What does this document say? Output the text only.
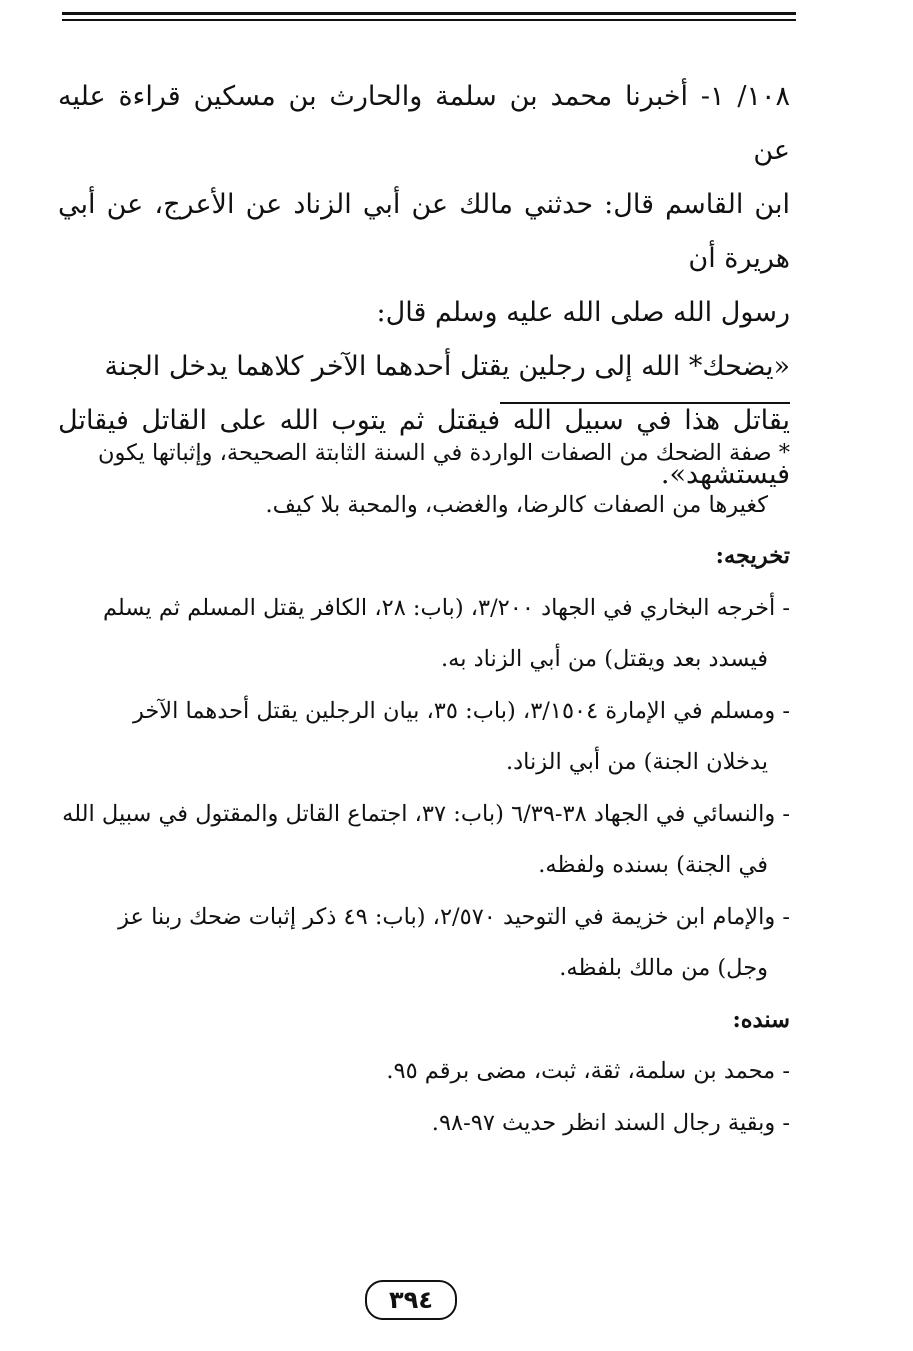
١٠٨/ ١- أخبرنا محمد بن سلمة والحارث بن مسكين قراءة عليه عن

ابن القاسم قال: حدثني مالك عن أبي الزناد عن الأعرج، عن أبي هريرة أن

رسول الله صلى الله عليه وسلم قال:

«يضحك* الله إلى رجلين يقتل أحدهما الآخر كلاهما يدخل الجنة

يقاتل هذا في سبيل الله فيقتل ثم يتوب الله على القاتل فيقاتل فيستشهد».

* صفة الضحك من الصفات الواردة في السنة الثابتة الصحيحة، وإثباتها يكون

كغيرها من الصفات كالرضا، والغضب، والمحبة بلا كيف.

تخريجه:

- أخرجه البخاري في الجهاد ٣/٢٠٠، (باب: ٢٨، الكافر يقتل المسلم ثم يسلم

فيسدد بعد ويقتل) من أبي الزناد به.

- ومسلم في الإمارة ٣/١٥٠٤، (باب: ٣٥، بيان الرجلين يقتل أحدهما الآخر

يدخلان الجنة) من أبي الزناد.

- والنسائي في الجهاد ٣٨-٦/٣٩ (باب: ٣٧، اجتماع القاتل والمقتول في سبيل الله

في الجنة) بسنده ولفظه.

- والإمام ابن خزيمة في التوحيد ٢/٥٧٠، (باب: ٤٩ ذكر إثبات ضحك ربنا عز

وجل) من مالك بلفظه.

سنده:

- محمد بن سلمة، ثقة، ثبت، مضى برقم ٩٥.

- وبقية رجال السند انظر حديث ٩٧-٩٨.

٣٩٤
